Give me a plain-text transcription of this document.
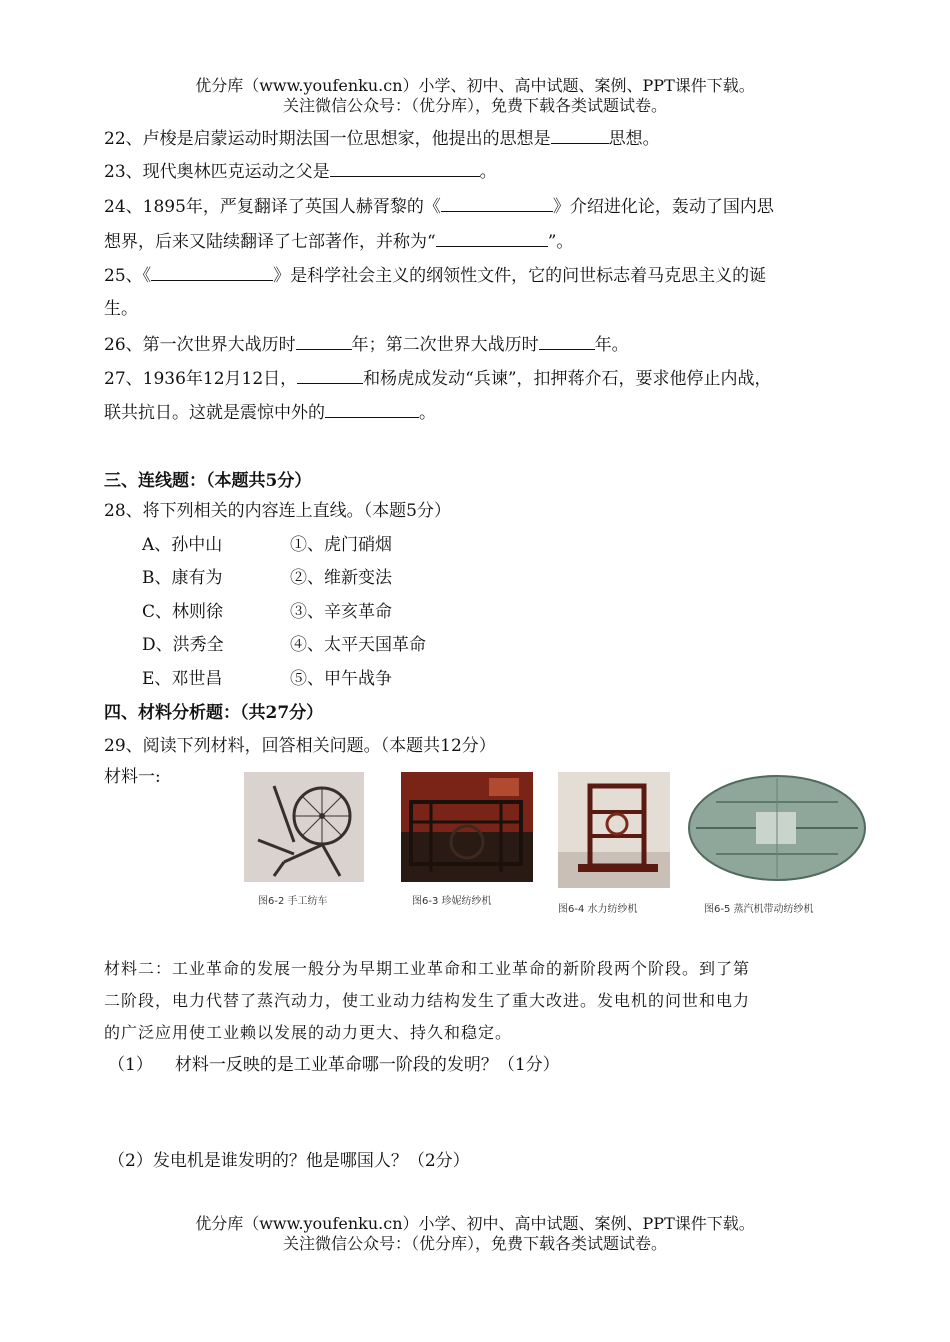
优分库（www.youfenku.cn）小学、初中、高中试题、案例、PPT课件下载。
关注微信公众号：（优分库），免费下载各类试题试卷。
22、卢梭是启蒙运动时期法国一位思想家，他提出的思想是	思想。
23、现代奥林匹克运动之父是	。
24、1895年，严复翻译了英国人赫胥黎的《	》介绍进化论，轰动了国内思
想界，后来又陆续翻译了七部著作，并称为“	”。
25、《	》是科学社会主义的纲领性文件，它的问世标志着马克思主义的诞
生。
26、第一次世界大战历时	年；第二次世界大战历时	年。
27、1936年12月12日，	和杨虎成发动“兵谏”，扣押蒋介石，要求他停止内战，
联共抗日。这就是震惊中外的	。
三、连线题：（本题共5分）
28、将下列相关的内容连上直线。（本题5分）
A、孙中山	①、虎门硝烟
B、康有为	②、维新变法
C、林则徐	③、辛亥革命
D、洪秀全	④、太平天国革命
E、邓世昌	⑤、甲午战争
四、材料分析题：（共27分）
29、阅读下列材料，回答相关问题。（本题共12分）
材料一:
图6-2 手工纺车	图6-3 珍妮纺纱机
图6-4 水力纺纱机	图6-5 蒸汽机带动纺纱机
材料二：工业革命的发展一般分为早期工业革命和工业革命的新阶段两个阶段。到了第
二阶段，电力代替了蒸汽动力，使工业动力结构发生了重大改进。发电机的问世和电力
的广泛应用使工业赖以发展的动力更大、持久和稳定。
（1） 材料一反映的是工业革命哪一阶段的发明？（1分）
（2）发电机是谁发明的？他是哪国人？（2分）
优分库（www.youfenku.cn）小学、初中、高中试题、案例、PPT课件下载。
关注微信公众号：（优分库），免费下载各类试题试卷。
